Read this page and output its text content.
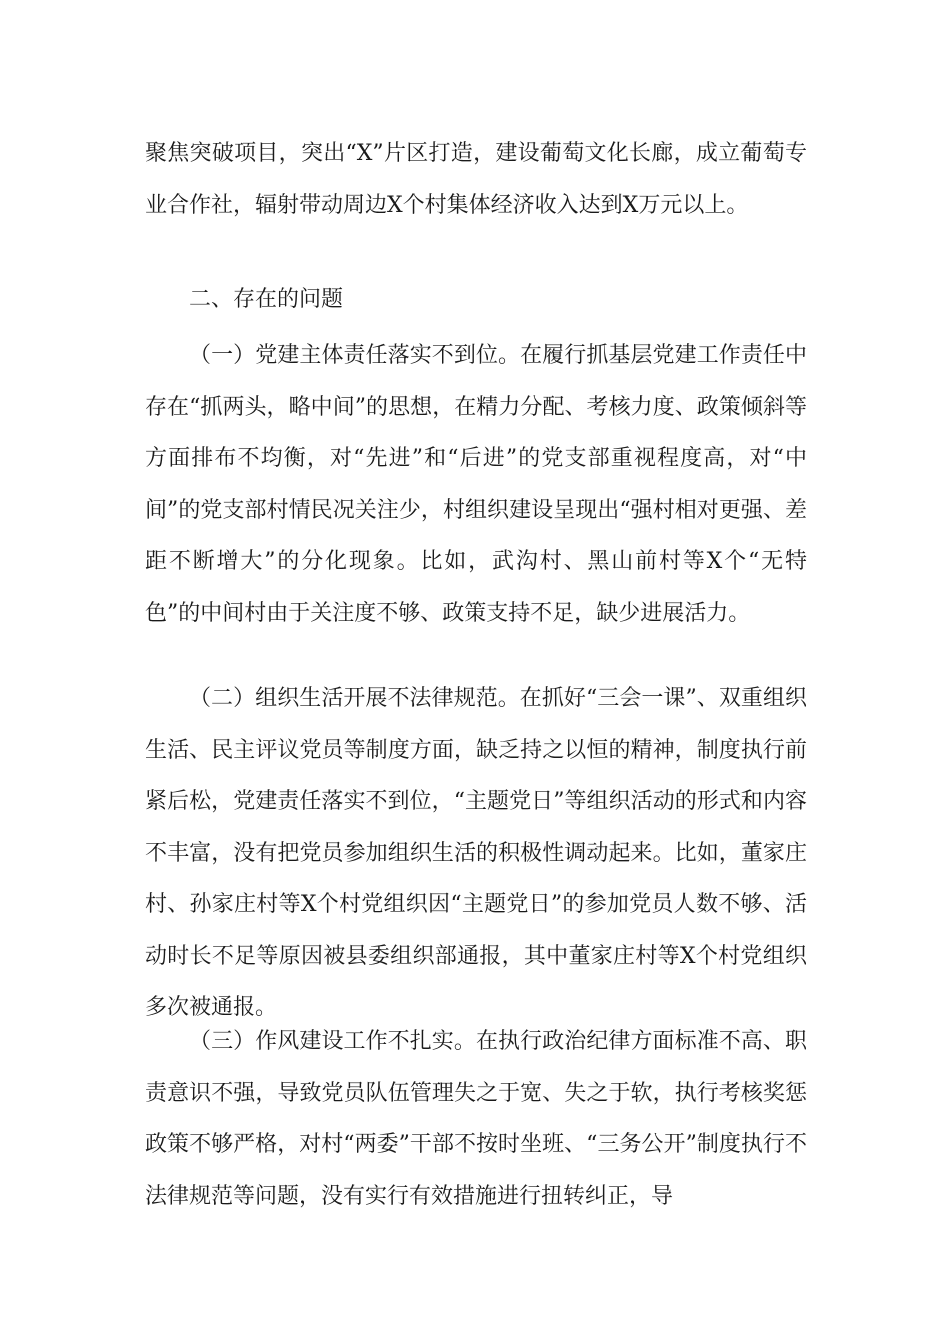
聚焦突破项目，突出“X”片区打造，建设葡萄文化长廊，成立葡萄专业合作社，辐射带动周边X个村集体经济收入达到X万元以上。

二、存在的问题

（一）党建主体责任落实不到位。在履行抓基层党建工作责任中存在“抓两头，略中间”的思想，在精力分配、考核力度、政策倾斜等方面排布不均衡，对“先进”和“后进”的党支部重视程度高，对“中间”的党支部村情民况关注少，村组织建设呈现出“强村相对更强、差距不断增大”的分化现象。比如，武沟村、黑山前村等X个“无特色”的中间村由于关注度不够、政策支持不足，缺少进展活力。

（二）组织生活开展不法律规范。在抓好“三会一课”、双重组织生活、民主评议党员等制度方面，缺乏持之以恒的精神，制度执行前紧后松，党建责任落实不到位，“主题党日”等组织活动的形式和内容不丰富，没有把党员参加组织生活的积极性调动起来。比如，董家庄村、孙家庄村等X个村党组织因“主题党日”的参加党员人数不够、活动时长不足等原因被县委组织部通报，其中董家庄村等X个村党组织多次被通报。

（三）作风建设工作不扎实。在执行政治纪律方面标准不高、职责意识不强，导致党员队伍管理失之于宽、失之于软，执行考核奖惩政策不够严格，对村“两委”干部不按时坐班、“三务公开”制度执行不法律规范等问题，没有实行有效措施进行扭转纠正，导
